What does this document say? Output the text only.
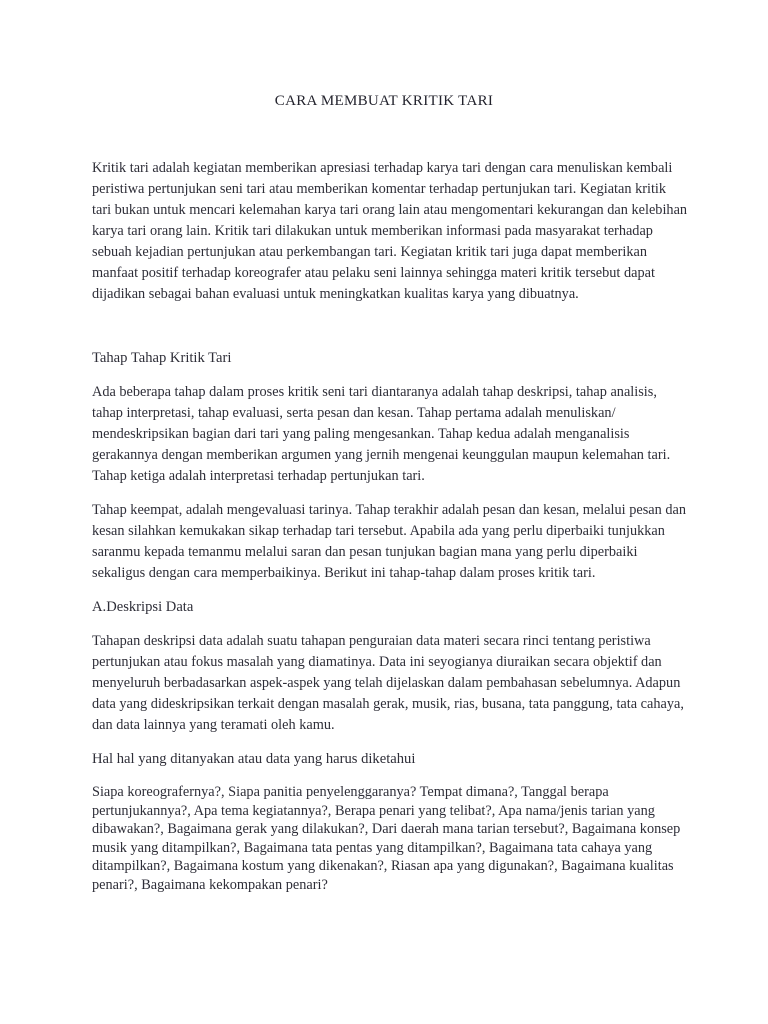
CARA MEMBUAT KRITIK TARI

Kritik tari adalah kegiatan memberikan apresiasi terhadap karya tari dengan cara menuliskan kembali peristiwa pertunjukan seni tari atau memberikan komentar terhadap pertunjukan tari. Kegiatan kritik tari bukan untuk mencari kelemahan karya tari orang lain atau mengomentari kekurangan dan kelebihan karya tari orang lain. Kritik tari dilakukan untuk memberikan informasi pada masyarakat terhadap sebuah kejadian pertunjukan atau perkembangan tari. Kegiatan kritik tari juga dapat memberikan manfaat positif terhadap koreografer atau pelaku seni lainnya sehingga materi kritik tersebut dapat dijadikan sebagai bahan evaluasi untuk meningkatkan kualitas karya yang dibuatnya.

Tahap Tahap Kritik Tari

Ada beberapa tahap dalam proses kritik seni tari diantaranya adalah tahap deskripsi, tahap analisis, tahap interpretasi, tahap evaluasi, serta pesan dan kesan. Tahap pertama adalah menuliskan/ mendeskripsikan bagian dari tari yang paling mengesankan. Tahap kedua adalah menganalisis gerakannya dengan memberikan argumen yang jernih mengenai keunggulan maupun kelemahan tari. Tahap ketiga adalah interpretasi terhadap pertunjukan tari.

Tahap keempat, adalah mengevaluasi tarinya. Tahap terakhir adalah pesan dan kesan, melalui pesan dan kesan silahkan kemukakan sikap terhadap tari tersebut. Apabila ada yang perlu diperbaiki tunjukkan saranmu kepada temanmu melalui saran dan pesan tunjukan bagian mana yang perlu diperbaiki sekaligus dengan cara memperbaikinya. Berikut ini tahap-tahap dalam proses kritik tari.

A.Deskripsi Data

Tahapan deskripsi data adalah suatu tahapan penguraian data materi secara rinci tentang peristiwa pertunjukan atau fokus masalah yang diamatinya. Data ini seyogianya diuraikan secara objektif dan menyeluruh berbadasarkan aspek-aspek yang telah dijelaskan dalam pembahasan sebelumnya. Adapun data yang dideskripsikan terkait dengan masalah gerak, musik, rias, busana, tata panggung, tata cahaya, dan data lainnya yang teramati oleh kamu.

Hal hal yang ditanyakan atau data yang harus diketahui

Siapa koreografernya?, Siapa panitia penyelenggaranya? Tempat dimana?, Tanggal berapa pertunjukannya?, Apa tema kegiatannya?, Berapa penari yang telibat?, Apa nama/jenis tarian yang dibawakan?, Bagaimana gerak yang dilakukan?, Dari daerah mana tarian tersebut?, Bagaimana konsep musik yang ditampilkan?, Bagaimana tata pentas yang ditampilkan?, Bagaimana tata cahaya yang ditampilkan?, Bagaimana kostum yang dikenakan?, Riasan apa yang digunakan?, Bagaimana kualitas penari?, Bagaimana kekompakan penari?
